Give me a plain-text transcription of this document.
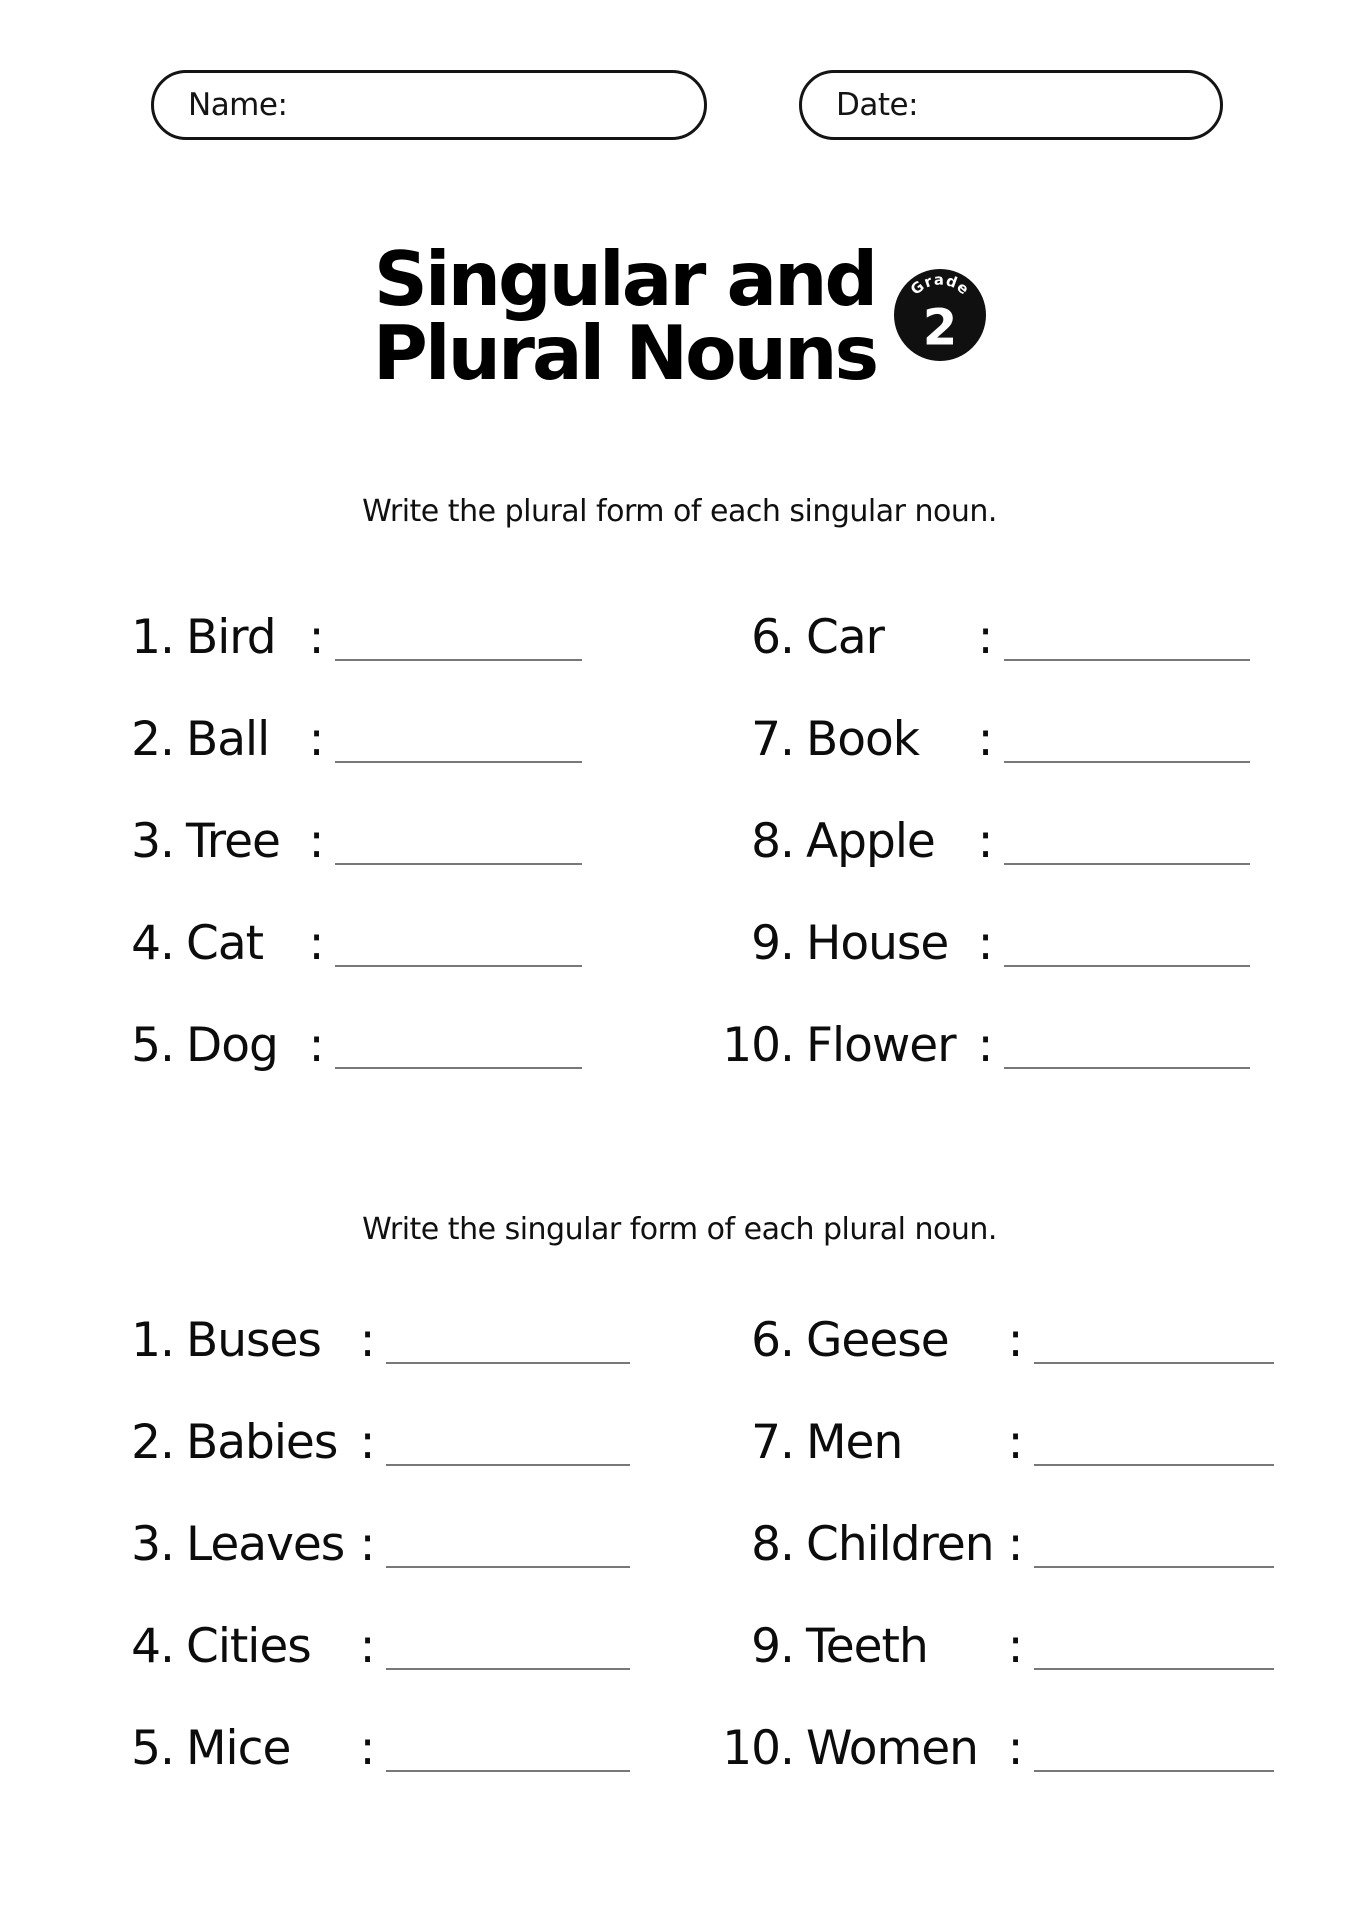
Name:	Date:
Singular and
Plural Nouns
Grade
2
Write the plural form of each singular noun.
1. Bird :
2. Ball :
3. Tree :
4. Cat :
5. Dog :
6. Car	:
7. Book	:
8. Apple :
9. House :
10. Flower :
Write the singular form of each plural noun.
1. Buses :
2. Babies :
3. Leaves :
4. Cities	:
5. Mice	:
6. Geese	:
7. Men	:
8. Children :
9. Teeth	:
10. Women :
